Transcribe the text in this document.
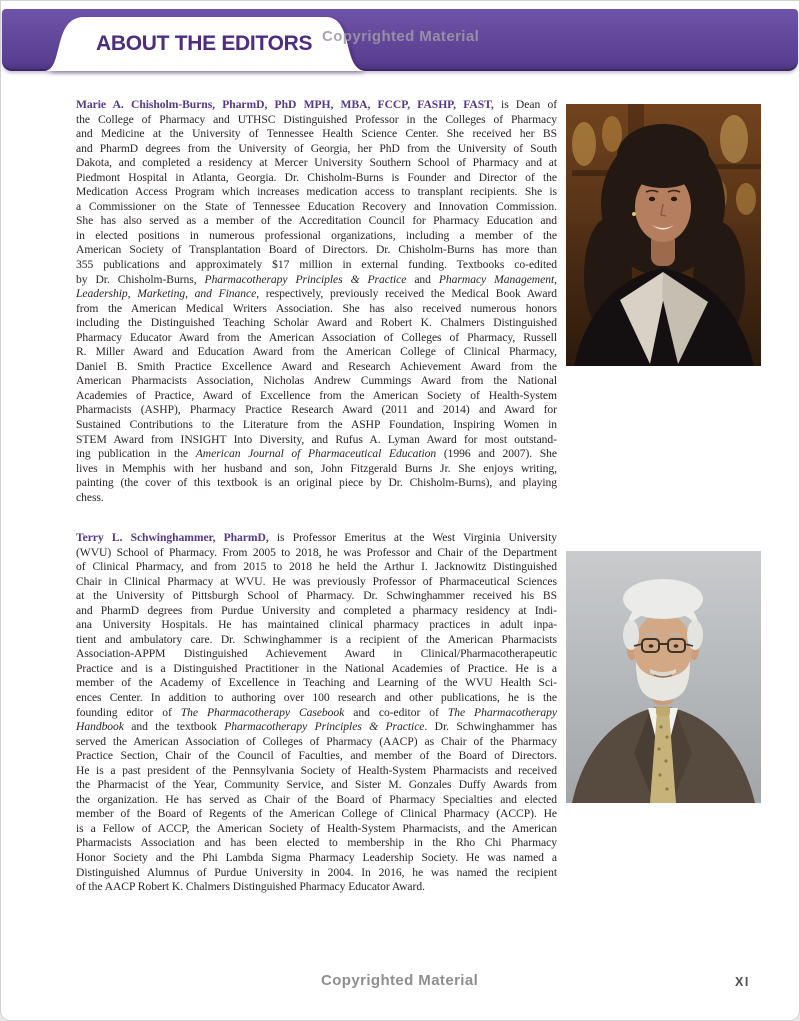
ABOUT THE EDITORS Copyrighted Material
Marie A. Chisholm-Burns, PharmD, PhD MPH, MBA, FCCP, FASHP, FAST, is Dean of
the College of Pharmacy and UTHSC Distinguished Professor in the Colleges of Pharmacy
and Medicine at the University of Tennessee Health Science Center. She received her BS
and PharmD degrees from the University of Georgia, her PhD from the University of South
Dakota, and completed a residency at Mercer University Southern School of Pharmacy and at
Piedmont Hospital in Atlanta, Georgia. Dr. Chisholm-Burns is Founder and Director of the
Medication Access Program which increases medication access to transplant recipients. She is
a Commissioner on the State of Tennessee Education Recovery and Innovation Commission.
She has also served as a member of the Accreditation Council for Pharmacy Education and
in elected positions in numerous professional organizations, including a member of the
American Society of Transplantation Board of Directors. Dr. Chisholm-Burns has more than
355 publications and approximately $17 million in external funding. Textbooks co-edited
by Dr. Chisholm-Burns, Pharmacotherapy Principles & Practice and Pharmacy Management,
Leadership, Marketing, and Finance, respectively, previously received the Medical Book Award
from the American Medical Writers Association. She has also received numerous honors
including the Distinguished Teaching Scholar Award and Robert K. Chalmers Distinguished
Pharmacy Educator Award from the American Association of Colleges of Pharmacy, Russell
R. Miller Award and Education Award from the American College of Clinical Pharmacy,
Daniel B. Smith Practice Excellence Award and Research Achievement Award from the
American Pharmacists Association, Nicholas Andrew Cummings Award from the National
Academies of Practice, Award of Excellence from the American Society of Health-System
Pharmacists (ASHP), Pharmacy Practice Research Award (2011 and 2014) and Award for
Sustained Contributions to the Literature from the ASHP Foundation, Inspiring Women in
STEM Award from INSIGHT Into Diversity, and Rufus A. Lyman Award for most outstand-
ing publication in the American Journal of Pharmaceutical Education (1996 and 2007). She
lives in Memphis with her husband and son, John Fitzgerald Burns Jr. She enjoys writing,
painting (the cover of this textbook is an original piece by Dr. Chisholm-Burns), and playing
chess.
Terry L. Schwinghammer, PharmD, is Professor Emeritus at the West Virginia University
(WVU) School of Pharmacy. From 2005 to 2018, he was Professor and Chair of the Department
of Clinical Pharmacy, and from 2015 to 2018 he held the Arthur I. Jacknowitz Distinguished
Chair in Clinical Pharmacy at WVU. He was previously Professor of Pharmaceutical Sciences
at the University of Pittsburgh School of Pharmacy. Dr. Schwinghammer received his BS
and PharmD degrees from Purdue University and completed a pharmacy residency at Indi-
ana University Hospitals. He has maintained clinical pharmacy practices in adult inpa-
tient and ambulatory care. Dr. Schwinghammer is a recipient of the American Pharmacists
Association-APPM Distinguished Achievement Award in Clinical/Pharmacotherapeutic
Practice and is a Distinguished Practitioner in the National Academies of Practice. He is a
member of the Academy of Excellence in Teaching and Learning of the WVU Health Sci-
ences Center. In addition to authoring over 100 research and other publications, he is the
founding editor of The Pharmacotherapy Casebook and co-editor of The Pharmacotherapy
Handbook and the textbook Pharmacotherapy Principles & Practice. Dr. Schwinghammer has
served the American Association of Colleges of Pharmacy (AACP) as Chair of the Pharmacy
Practice Section, Chair of the Council of Faculties, and member of the Board of Directors.
He is a past president of the Pennsylvania Society of Health-System Pharmacists and received
the Pharmacist of the Year, Community Service, and Sister M. Gonzales Duffy Awards from
the organization. He has served as Chair of the Board of Pharmacy Specialties and elected
member of the Board of Regents of the American College of Clinical Pharmacy (ACCP). He
is a Fellow of ACCP, the American Society of Health-System Pharmacists, and the American
Pharmacists Association and has been elected to membership in the Rho Chi Pharmacy
Honor Society and the Phi Lambda Sigma Pharmacy Leadership Society. He was named a
Distinguished Alumnus of Purdue University in 2004. In 2016, he was named the recipient
of the AACP Robert K. Chalmers Distinguished Pharmacy Educator Award.
Copyrighted Material	XI
